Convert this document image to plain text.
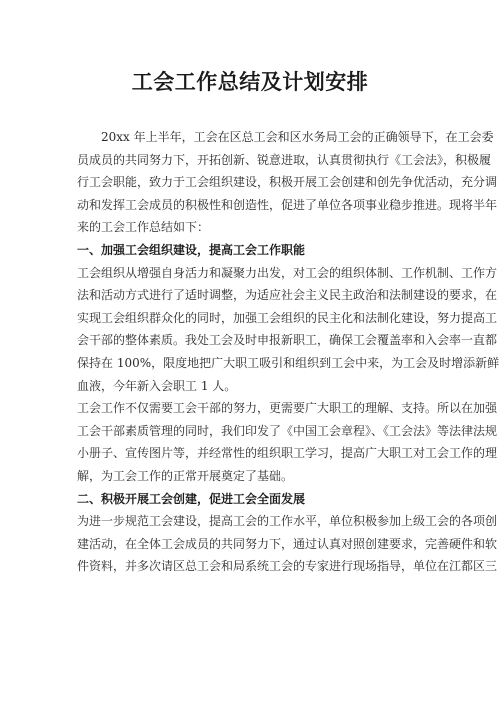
工会工作总结及计划安排
20xx 年上半年，工会在区总工会和区水务局工会的正确领导下，在工会委
员成员的共同努力下，开拓创新、锐意进取，认真贯彻执行《工会法》，积极履
行工会职能，致力于工会组织建设，积极开展工会创建和创先争优活动，充分调
动和发挥工会成员的积极性和创造性，促进了单位各项事业稳步推进。现将半年
来的工会工作总结如下：
一、加强工会组织建设，提高工会工作职能
工会组织从增强自身活力和凝聚力出发，对工会的组织体制、工作机制、工作方
法和活动方式进行了适时调整，为适应社会主义民主政治和法制建设的要求，在
实现工会组织群众化的同时，加强工会组织的民主化和法制化建设，努力提高工
会干部的整体素质。我处工会及时申报新职工，确保工会覆盖率和入会率一直都
保持在 100%，限度地把广大职工吸引和组织到工会中来，为工会及时增添新鲜
血液，今年新入会职工 1 人。
工会工作不仅需要工会干部的努力，更需要广大职工的理解、支持。所以在加强
工会干部素质管理的同时，我们印发了《中国工会章程》、《工会法》等法律法规
小册子、宣传图片等，并经常性的组织职工学习，提高广大职工对工会工作的理
解，为工会工作的正常开展奠定了基础。
二、积极开展工会创建，促进工会全面发展
为进一步规范工会建设，提高工会的工作水平，单位积极参加上级工会的各项创
建活动，在全体工会成员的共同努力下，通过认真对照创建要求，完善硬件和软
件资料，并多次请区总工会和局系统工会的专家进行现场指导，单位在江都区三
